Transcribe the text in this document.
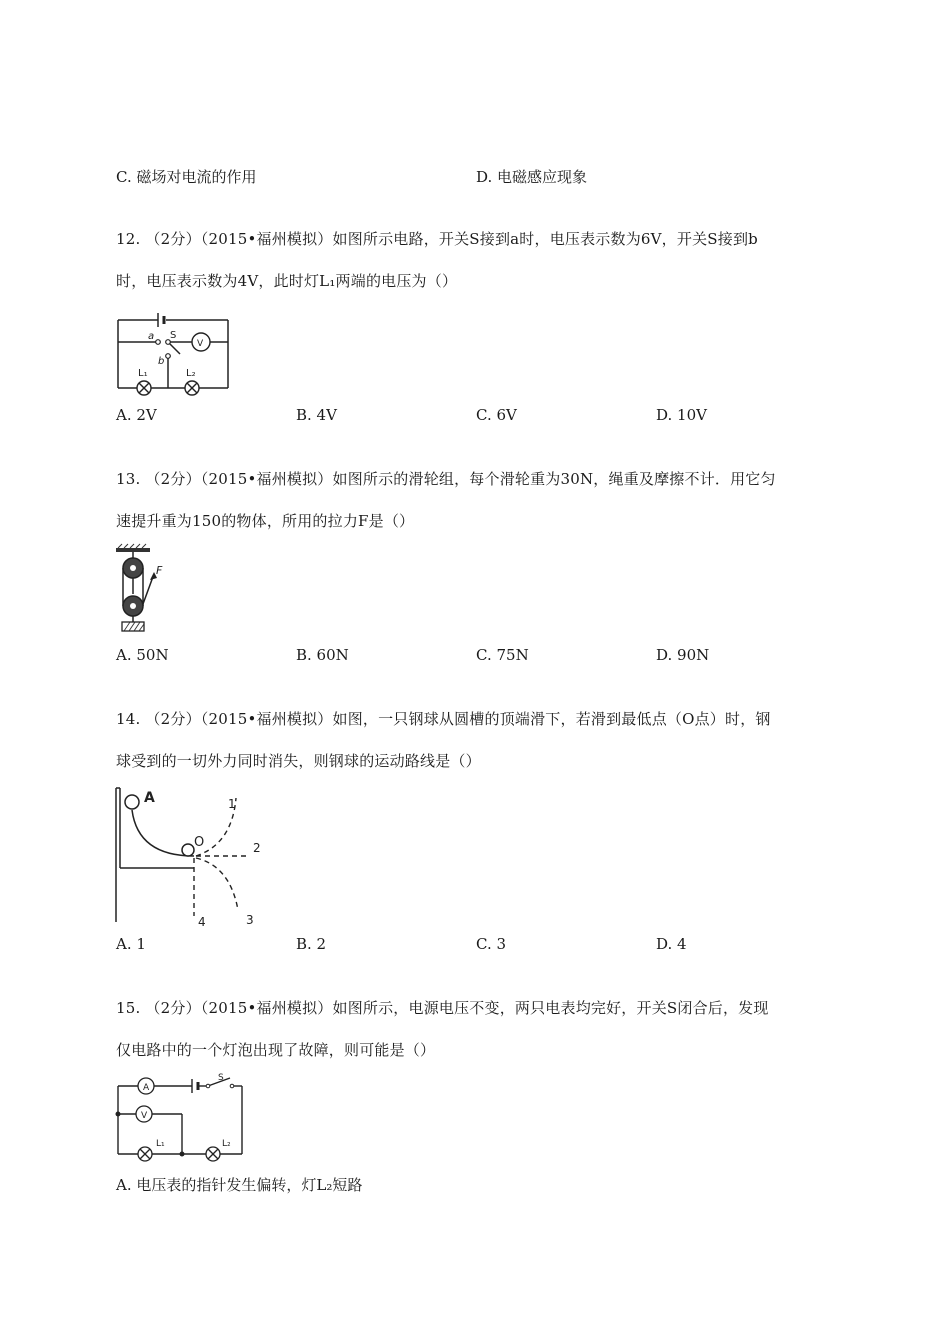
C. 磁场对电流的作用	D. 电磁感应现象
12. （2分）（2015•福州模拟）如图所示电路，开关S接到a时，电压表示数为6V，开关S接到b
时，电压表示数为4V，此时灯L₁两端的电压为（）
a S
b
V
L₁	L₂
A. 2V	B. 4V	C. 6V	D. 10V
13. （2分）（2015•福州模拟）如图所示的滑轮组，每个滑轮重为30N，绳重及摩擦不计．用它匀
速提升重为150的物体，所用的拉力F是（）
F
A. 50N	B. 60N	C. 75N	D. 90N
14. （2分）（2015•福州模拟）如图，一只钢球从圆槽的顶端滑下，若滑到最低点（O点）时，钢
球受到的一切外力同时消失，则钢球的运动路线是（）
A
O
1
2
3
4
A. 1	B. 2	C. 3	D. 4
15. （2分）（2015•福州模拟）如图所示，电源电压不变，两只电表均完好，开关S闭合后，发现
仅电路中的一个灯泡出现了故障，则可能是（）
A
V
S
L₁	L₂
A. 电压表的指针发生偏转，灯L₂短路
